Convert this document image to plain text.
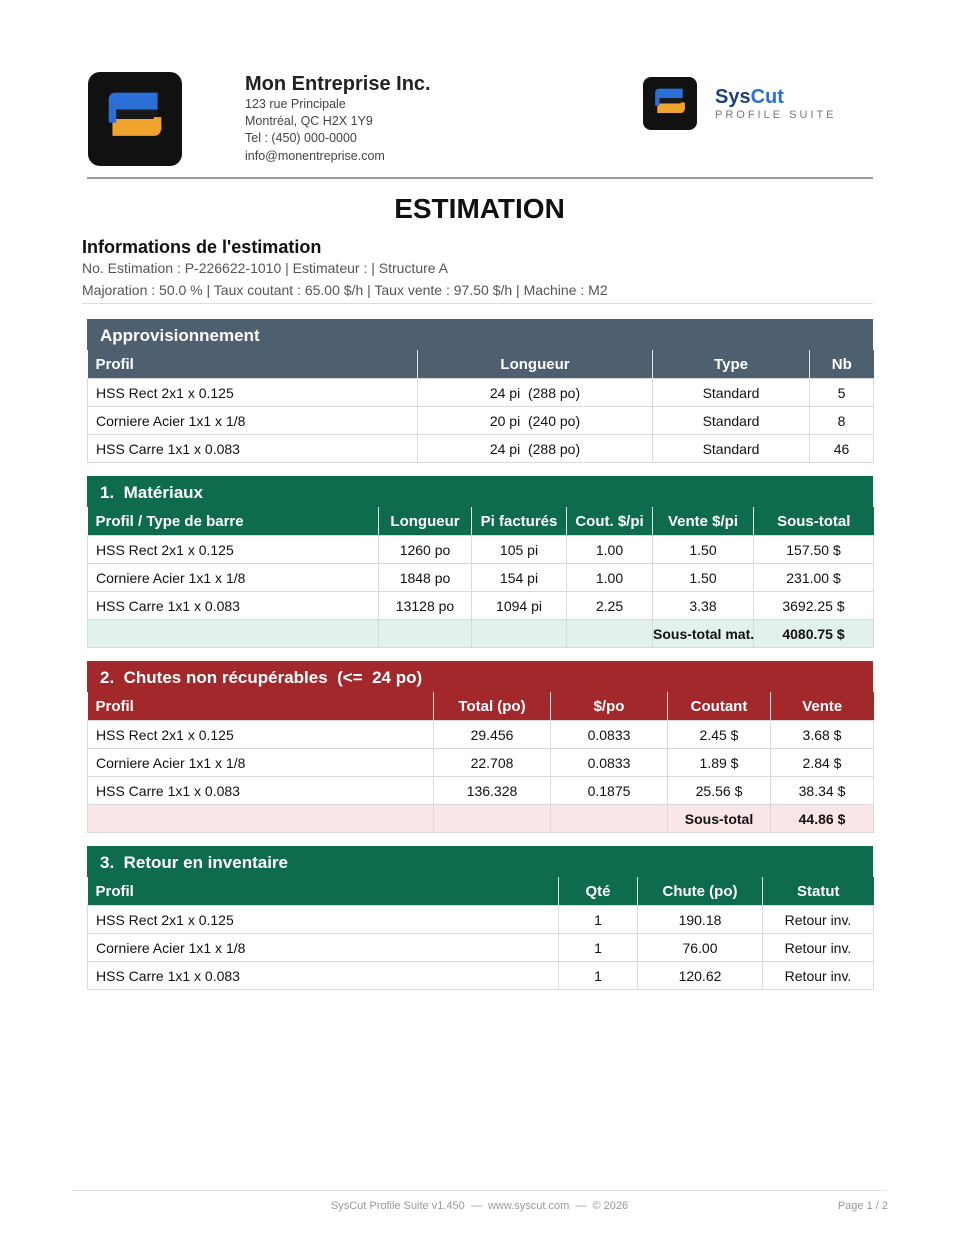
Mon Entreprise Inc.
123 rue Principale
Montréal, QC H2X 1Y9
Tel : (450) 000-0000
info@monentreprise.com
SysCut
PROFILE SUITE
ESTIMATION
Informations de l'estimation
No. Estimation : P-226622-1010 | Estimateur : | Structure A
Majoration : 50.0 % | Taux coutant : 65.00 $/h | Taux vente : 97.50 $/h | Machine : M2
Approvisionnement
Profil	Longueur	Type	Nb
HSS Rect 2x1 x 0.125	24 pi  (288 po)	Standard	5
Corniere Acier 1x1 x 1/8	20 pi  (240 po)	Standard	8
HSS Carre 1x1 x 0.083	24 pi  (288 po)	Standard	46
1.  Matériaux
Profil / Type de barre	Longueur	Pi facturés	Cout. $/pi	Vente $/pi	Sous-total
HSS Rect 2x1 x 0.125	1260 po	105 pi	1.00	1.50	157.50 $
Corniere Acier 1x1 x 1/8	1848 po	154 pi	1.00	1.50	231.00 $
HSS Carre 1x1 x 0.083	13128 po	1094 pi	2.25	3.38	3692.25 $
				Sous-total mat.	4080.75 $
2.  Chutes non récupérables  (<=  24 po)
Profil	Total (po)	$/po	Coutant	Vente
HSS Rect 2x1 x 0.125	29.456	0.0833	2.45 $	3.68 $
Corniere Acier 1x1 x 1/8	22.708	0.0833	1.89 $	2.84 $
HSS Carre 1x1 x 0.083	136.328	0.1875	25.56 $	38.34 $
			Sous-total	44.86 $
3.  Retour en inventaire
Profil	Qté	Chute (po)	Statut
HSS Rect 2x1 x 0.125	1	190.18	Retour inv.
Corniere Acier 1x1 x 1/8	1	76.00	Retour inv.
HSS Carre 1x1 x 0.083	1	120.62	Retour inv.
SysCut Profile Suite v1.450  —  www.syscut.com  —  © 2026	Page 1 / 2
